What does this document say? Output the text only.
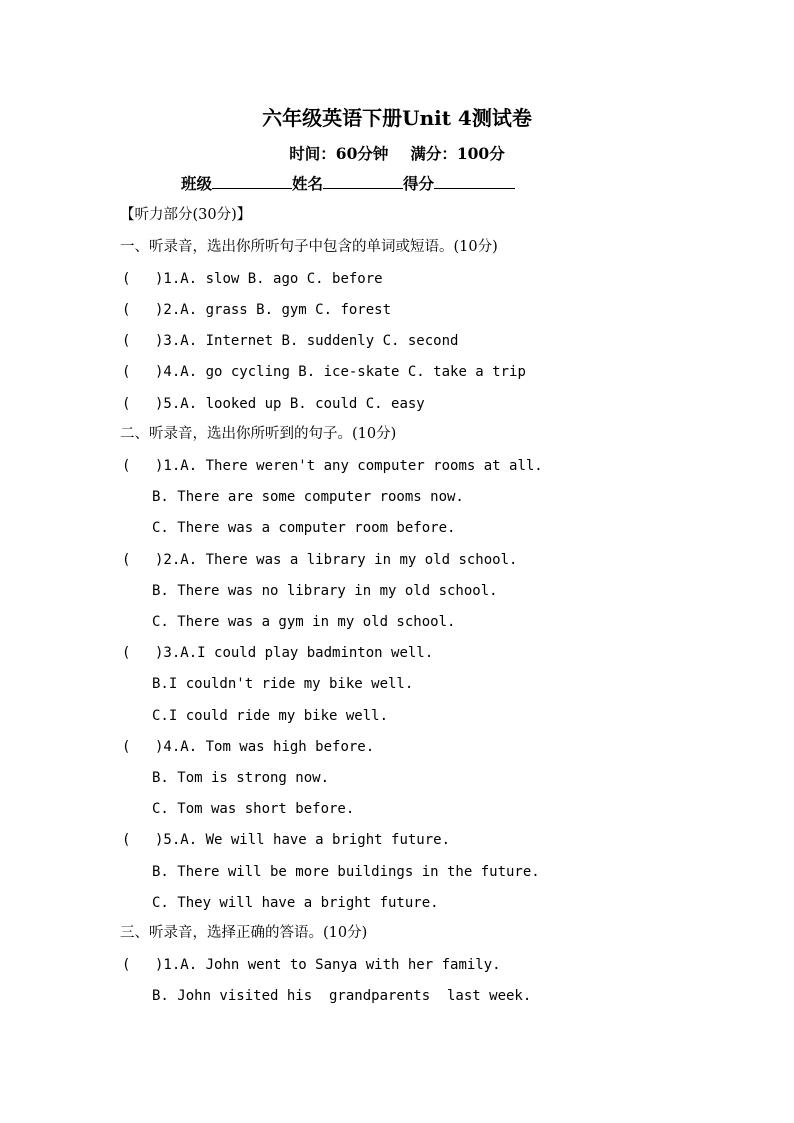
六年级英语下册Unit 4测试卷
时间：60分钟 满分：100分
班级	姓名	得分
【听力部分(30分)】
一、听录音，选出你所听句子中包含的单词或短语。(10分)
( )1.A. slow B. ago C. before
( )2.A. grass B. gym C. forest
( )3.A. Internet B. suddenly C. second
( )4.A. go cycling B. ice-skate C. take a trip
( )5.A. looked up B. could C. easy
二、听录音，选出你所听到的句子。(10分)
( )1.A. There weren't any computer rooms at all.
B. There are some computer rooms now.
C. There was a computer room before.
( )2.A. There was a library in my old school.
B. There was no library in my old school.
C. There was a gym in my old school.
( )3.A.I could play badminton well.
B.I couldn't ride my bike well.
C.I could ride my bike well.
( )4.A. Tom was high before.
B. Tom is strong now.
C. Tom was short before.
( )5.A. We will have a bright future.
B. There will be more buildings in the future.
C. They will have a bright future.
三、听录音，选择正确的答语。(10分)
( )1.A. John went to Sanya with her family.
B. John visited his  grandparents  last week.
